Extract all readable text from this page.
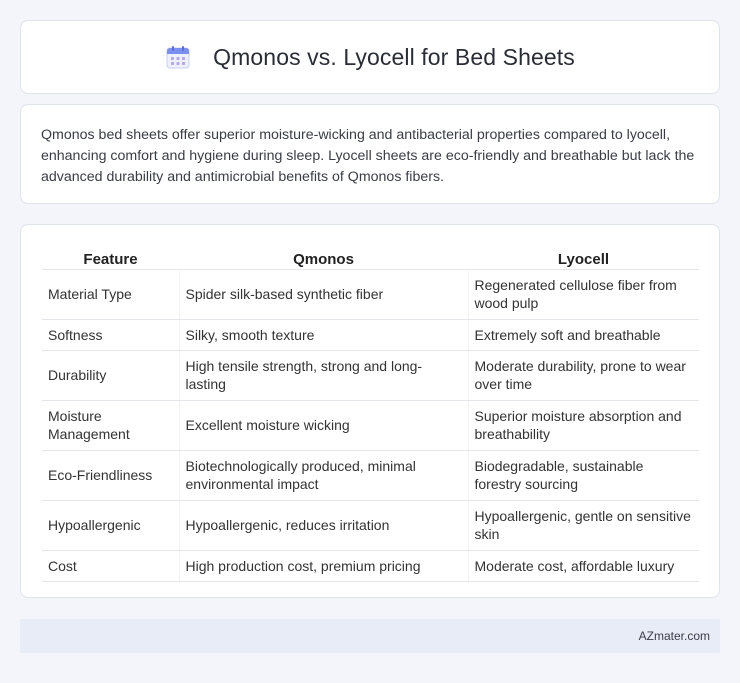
Qmonos vs. Lyocell for Bed Sheets

Qmonos bed sheets offer superior moisture-wicking and antibacterial properties compared to lyocell, enhancing comfort and hygiene during sleep. Lyocell sheets are eco-friendly and breathable but lack the advanced durability and antimicrobial benefits of Qmonos fibers.

Feature	Qmonos	Lyocell
Material Type	Spider silk-based synthetic fiber	Regenerated cellulose fiber from wood pulp
Softness	Silky, smooth texture	Extremely soft and breathable
Durability	High tensile strength, strong and long-lasting	Moderate durability, prone to wear over time
Moisture Management	Excellent moisture wicking	Superior moisture absorption and breathability
Eco-Friendliness	Biotechnologically produced, minimal environmental impact	Biodegradable, sustainable forestry sourcing
Hypoallergenic	Hypoallergenic, reduces irritation	Hypoallergenic, gentle on sensitive skin
Cost	High production cost, premium pricing	Moderate cost, affordable luxury
AZmater.com
